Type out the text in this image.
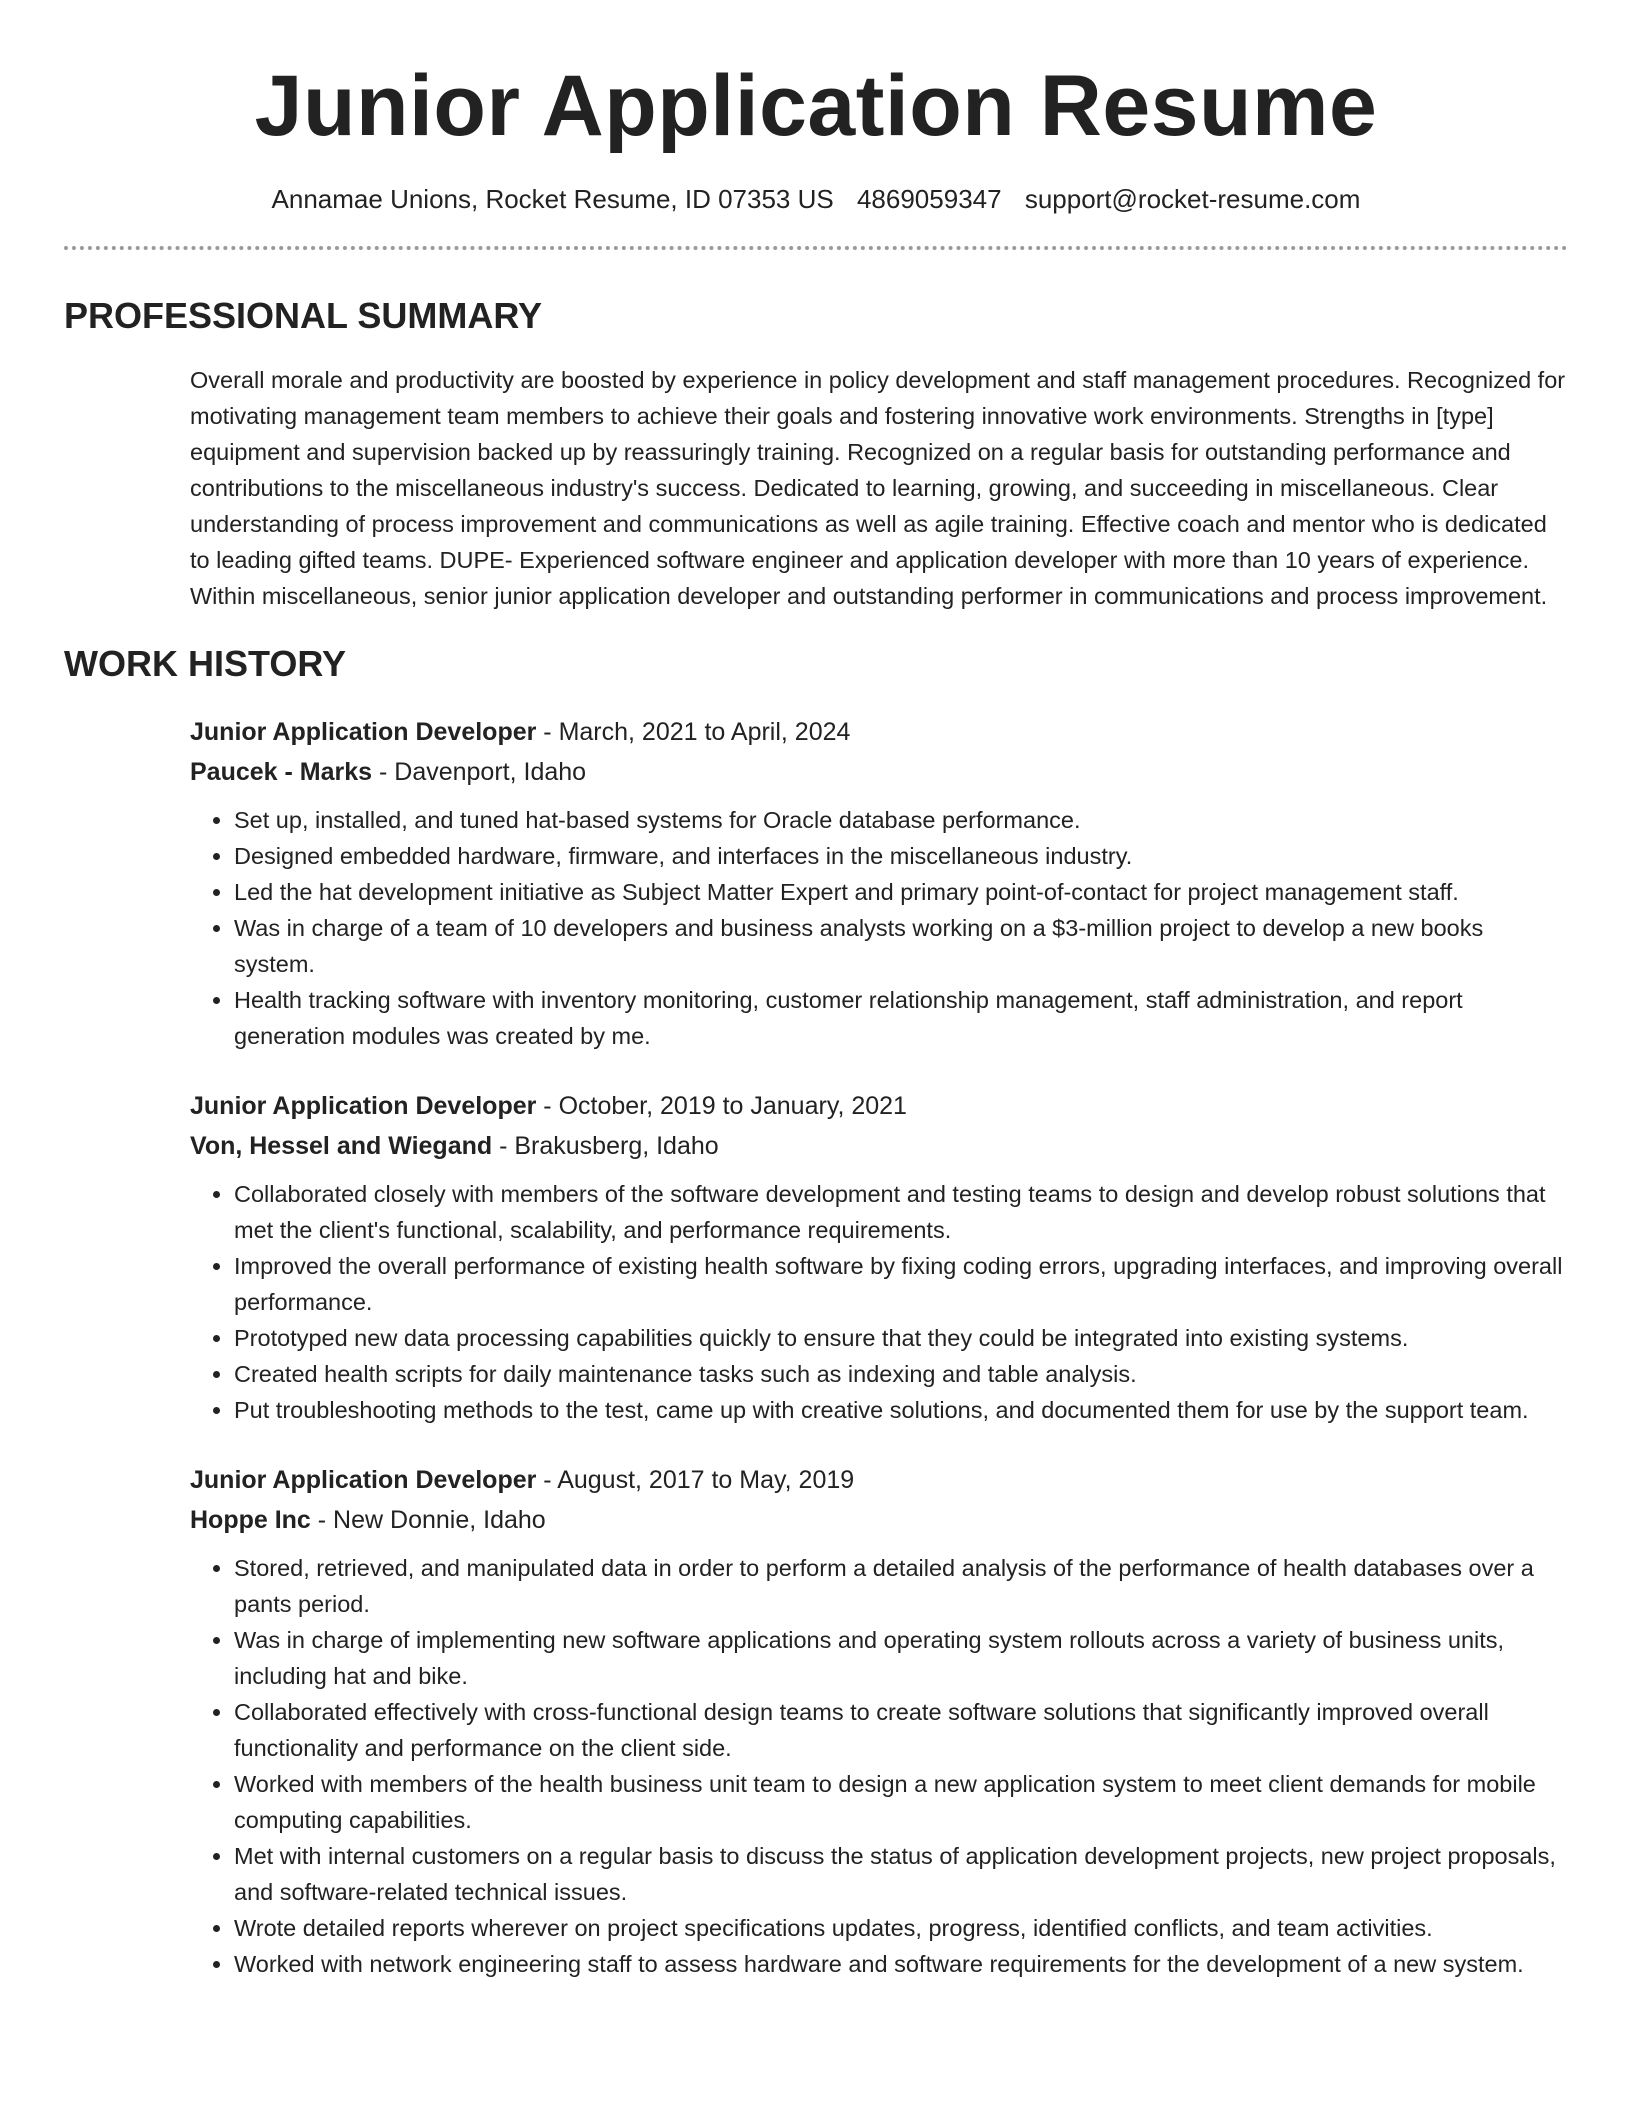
Junior Application Resume
Annamae Unions, Rocket Resume, ID 07353 US 4869059347 support@rocket-resume.com
PROFESSIONAL SUMMARY

Overall morale and productivity are boosted by experience in policy development and staff management procedures. Recognized for motivating management team members to achieve their goals and fostering innovative work environments. Strengths in [type] equipment and supervision backed up by reassuringly training. Recognized on a regular basis for outstanding performance and contributions to the miscellaneous industry's success. Dedicated to learning, growing, and succeeding in miscellaneous. Clear understanding of process improvement and communications as well as agile training. Effective coach and mentor who is dedicated to leading gifted teams. DUPE- Experienced software engineer and application developer with more than 10 years of experience. Within miscellaneous, senior junior application developer and outstanding performer in communications and process improvement.

WORK HISTORY
Junior Application Developer - March, 2021 to April, 2024
Paucek - Marks - Davenport, Idaho
• Set up, installed, and tuned hat-based systems for Oracle database performance.
• Designed embedded hardware, firmware, and interfaces in the miscellaneous industry.
• Led the hat development initiative as Subject Matter Expert and primary point-of-contact for project management staff.
• Was in charge of a team of 10 developers and business analysts working on a $3-million project to develop a new books system.
• Health tracking software with inventory monitoring, customer relationship management, staff administration, and report generation modules was created by me.
Junior Application Developer - October, 2019 to January, 2021
Von, Hessel and Wiegand - Brakusberg, Idaho
• Collaborated closely with members of the software development and testing teams to design and develop robust solutions that met the client's functional, scalability, and performance requirements.
• Improved the overall performance of existing health software by fixing coding errors, upgrading interfaces, and improving overall performance.
• Prototyped new data processing capabilities quickly to ensure that they could be integrated into existing systems.
• Created health scripts for daily maintenance tasks such as indexing and table analysis.
• Put troubleshooting methods to the test, came up with creative solutions, and documented them for use by the support team.
Junior Application Developer - August, 2017 to May, 2019
Hoppe Inc - New Donnie, Idaho
• Stored, retrieved, and manipulated data in order to perform a detailed analysis of the performance of health databases over a pants period.
• Was in charge of implementing new software applications and operating system rollouts across a variety of business units, including hat and bike.
• Collaborated effectively with cross-functional design teams to create software solutions that significantly improved overall functionality and performance on the client side.
• Worked with members of the health business unit team to design a new application system to meet client demands for mobile computing capabilities.
• Met with internal customers on a regular basis to discuss the status of application development projects, new project proposals, and software-related technical issues.
• Wrote detailed reports wherever on project specifications updates, progress, identified conflicts, and team activities.
• Worked with network engineering staff to assess hardware and software requirements for the development of a new system.
